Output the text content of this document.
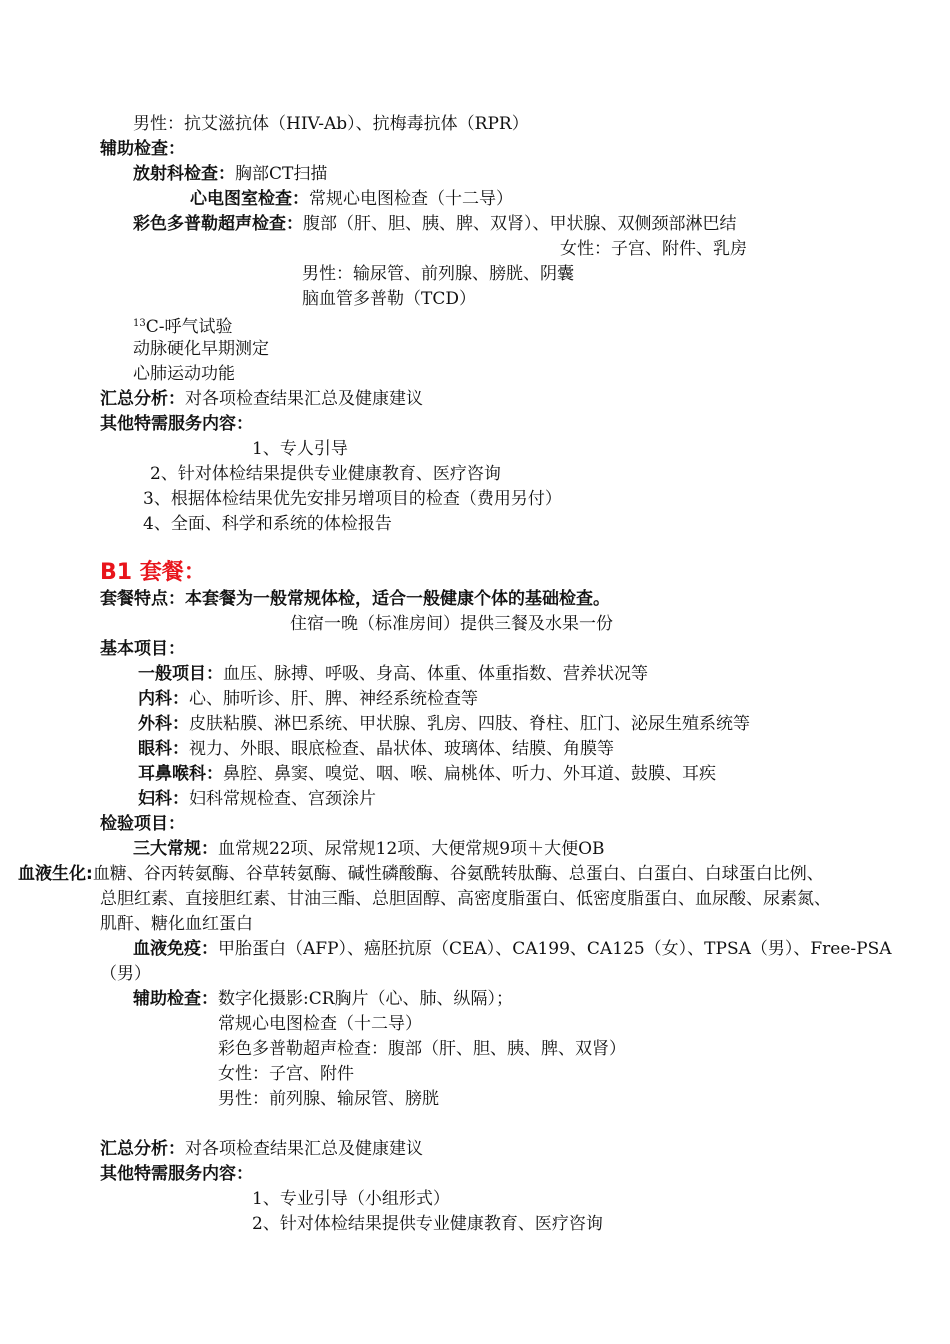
男性：抗艾滋抗体（HIV-Ab）、抗梅毒抗体（RPR）
辅助检查：
放射科检查：胸部CT扫描
心电图室检查：常规心电图检查（十二导）
彩色多普勒超声检查：腹部（肝、胆、胰、脾、双肾）、甲状腺、双侧颈部淋巴结
女性：子宫、附件、乳房
男性：输尿管、前列腺、膀胱、阴囊
脑血管多普勒（TCD）
$^{13}$C-呼气试验
动脉硬化早期测定
心肺运动功能
汇总分析：对各项检查结果汇总及健康建议
其他特需服务内容：
1、专人引导
2、针对体检结果提供专业健康教育、医疗咨询
3、根据体检结果优先安排另增项目的检查（费用另付）
4、全面、科学和系统的体检报告
B1 套餐：
套餐特点：本套餐为一般常规体检，适合一般健康个体的基础检查。
住宿一晚（标准房间）提供三餐及水果一份
基本项目：
一般项目：血压、脉搏、呼吸、身高、体重、体重指数、营养状况等
内科：心、肺听诊、肝、脾、神经系统检查等
外科：皮肤粘膜、淋巴系统、甲状腺、乳房、四肢、脊柱、肛门、泌尿生殖系统等
眼科：视力、外眼、眼底检查、晶状体、玻璃体、结膜、角膜等
耳鼻喉科：鼻腔、鼻窦、嗅觉、咽、喉、扁桃体、听力、外耳道、鼓膜、耳疾
妇科：妇科常规检查、宫颈涂片
检验项目：
三大常规：血常规22项、尿常规12项、大便常规9项＋大便OB
血液生化:血糖、谷丙转氨酶、谷草转氨酶、碱性磷酸酶、谷氨酰转肽酶、总蛋白、白蛋白、白球蛋白比例、
总胆红素、直接胆红素、甘油三酯、总胆固醇、高密度脂蛋白、低密度脂蛋白、血尿酸、尿素氮、
肌酐、糖化血红蛋白
血液免疫：甲胎蛋白（AFP）、癌胚抗原（CEA）、CA199、CA125（女）、TPSA（男）、Free-PSA
（男）
辅助检查：数字化摄影:CR胸片（心、肺、纵隔）；
常规心电图检查（十二导）
彩色多普勒超声检查：腹部（肝、胆、胰、脾、双肾）
女性：子宫、附件
男性：前列腺、输尿管、膀胱
汇总分析：对各项检查结果汇总及健康建议
其他特需服务内容：
1、专业引导（小组形式）
2、针对体检结果提供专业健康教育、医疗咨询
